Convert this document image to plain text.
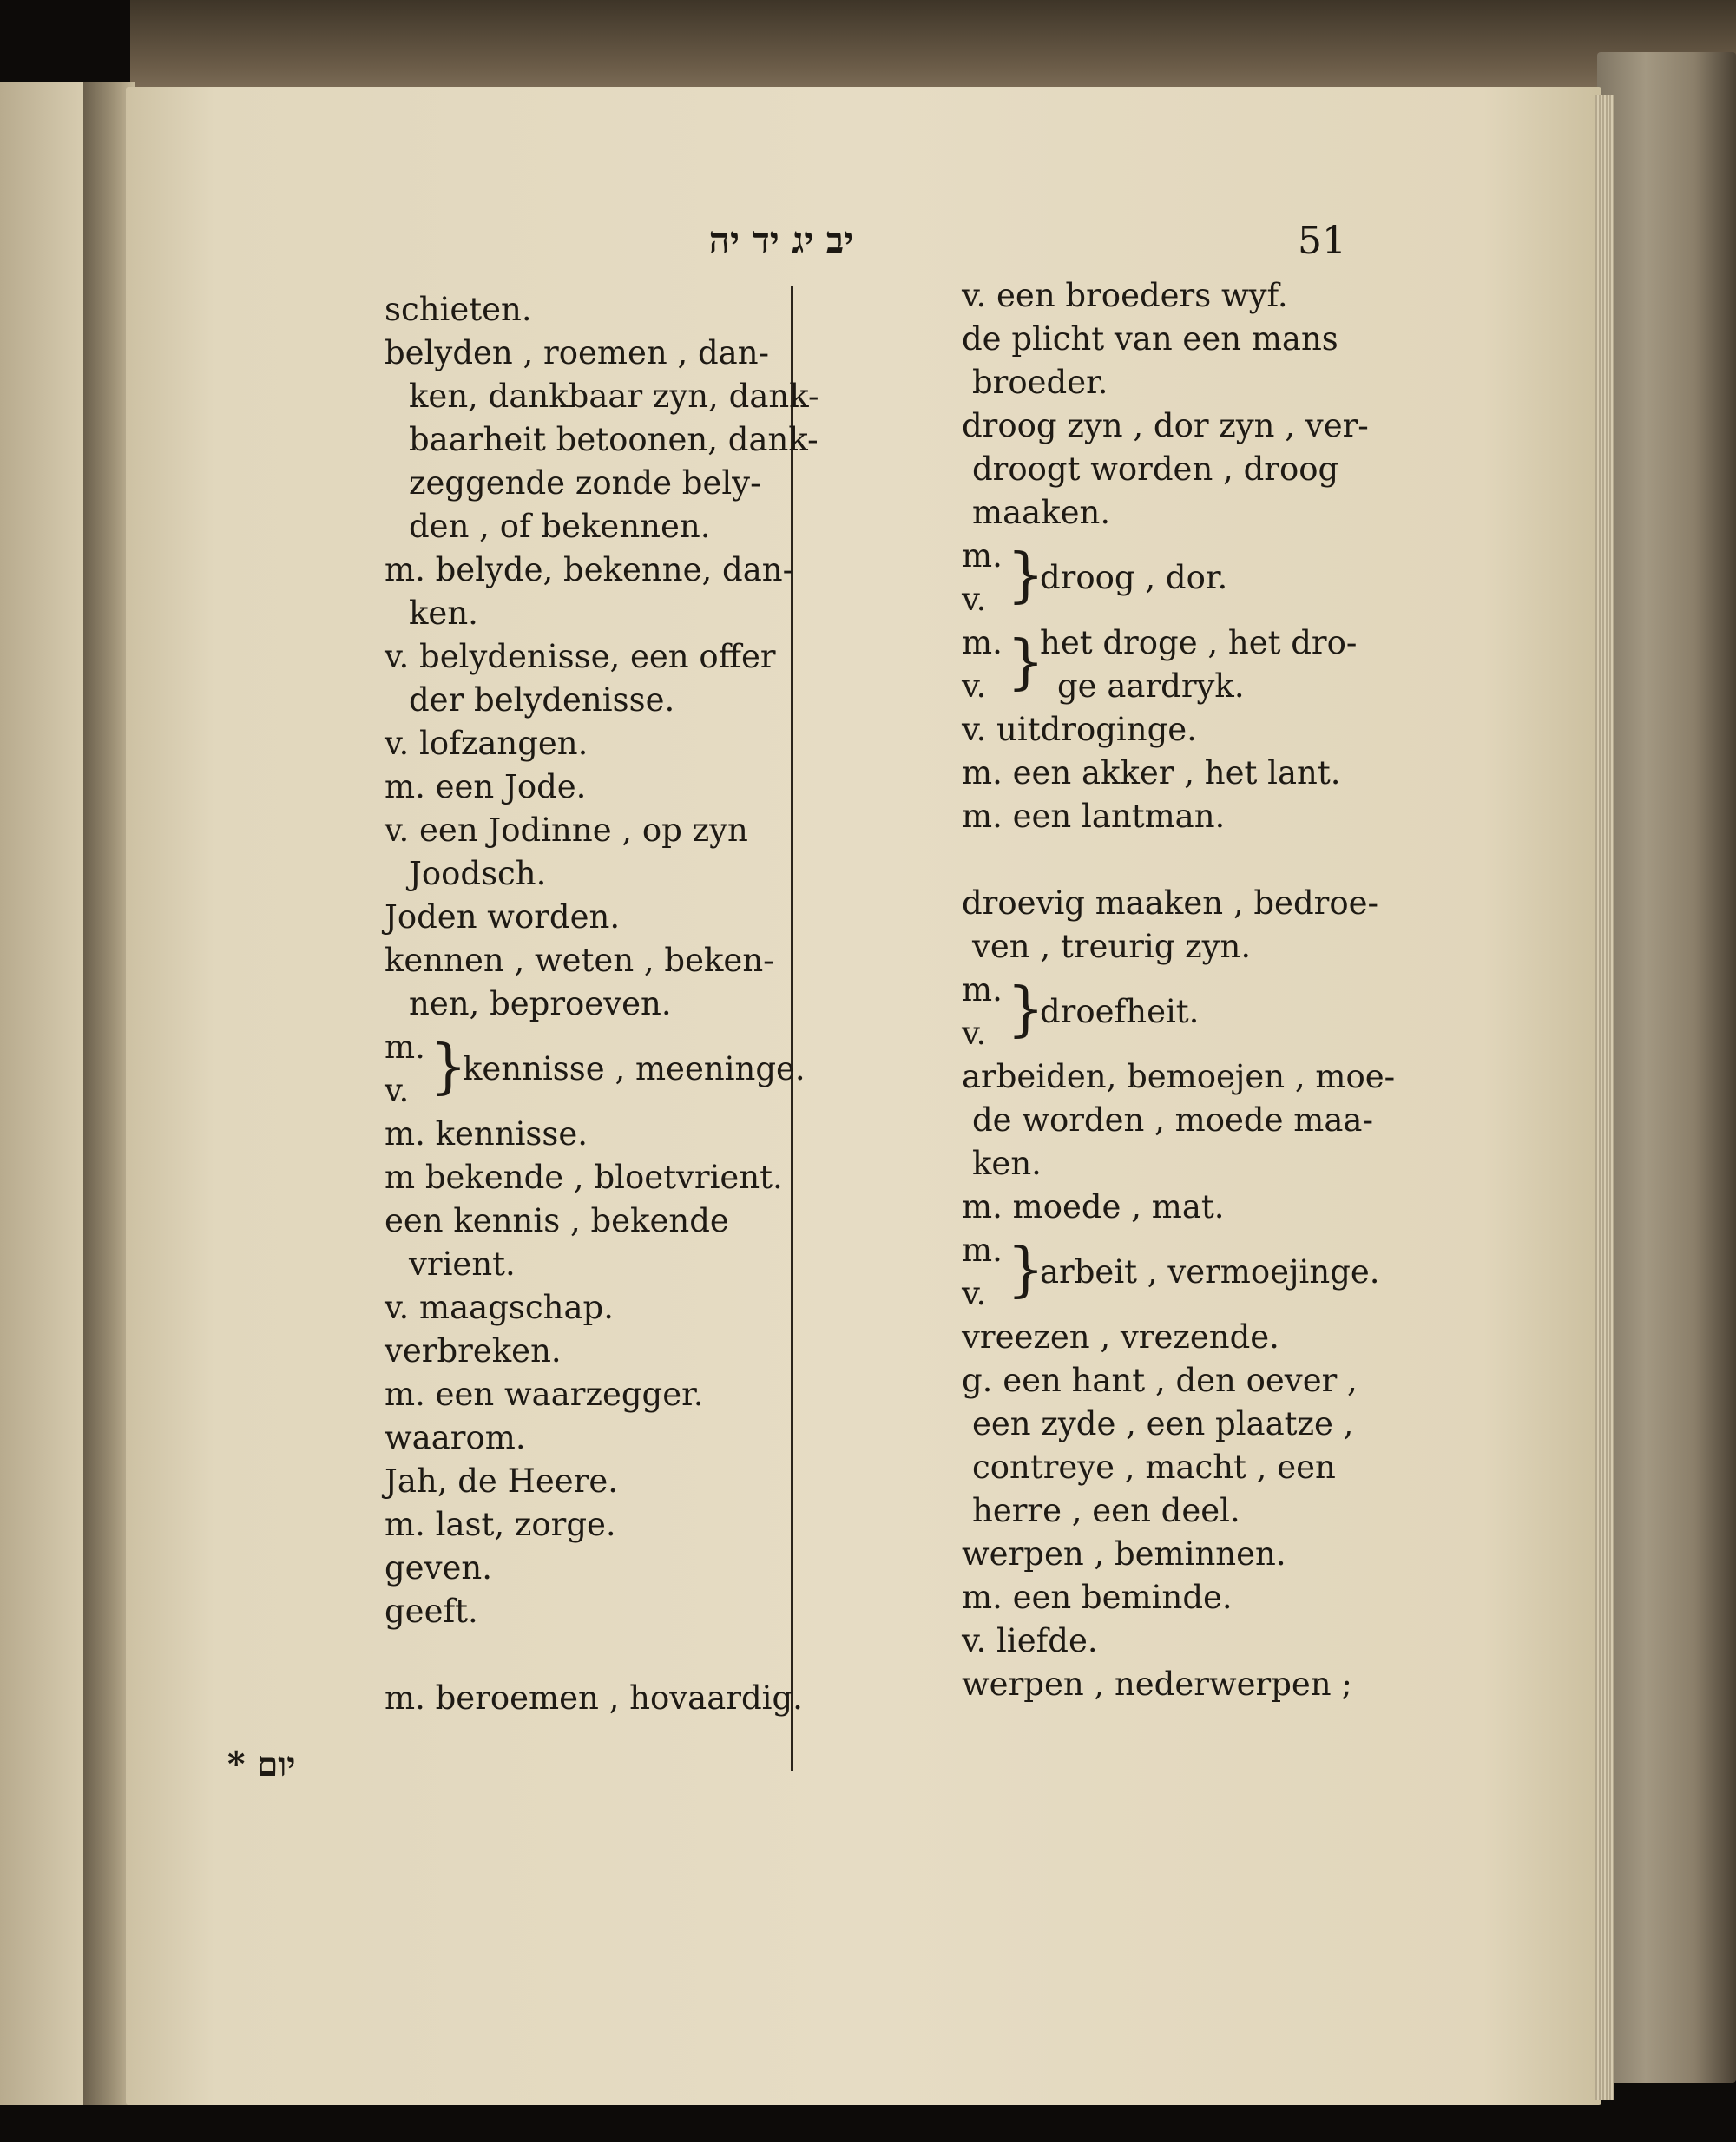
יב יג יד יה	51
schieten.
belyden , roemen , dan-
ken, dankbaar zyn, dank-
baarheit betoonen, dank-
zeggende zonde bely-
den , of bekennen.
m. belyde, bekenne, dan-
ken.
v. belydenisse, een offer
der belydenisse.
v. lofzangen.
m. een Jode.
v. een Jodinne , op zyn
Joodsch.
Joden worden.
kennen , weten , beken-
nen, beproeven.
m.
v. }
kennisse , meeninge.
m. kennisse.
m bekende , bloetvrient.
een kennis , bekende
vrient.
v. maagschap.
verbreken.
m. een waarzegger.
waarom.
Jah, de Heere.
m. last, zorge.
geven.
geeft.
m. beroemen , hovaardig.
v. een broeders wyf.
de plicht van een mans
broeder.
droog zyn , dor zyn , ver-
droogt worden , droog
maaken.
m.
v. }
droog , dor.
m.
v. }
het droge , het dro-
ge aardryk.
v. uitdroginge.
m. een akker , het lant.
m. een lantman.
droevig maaken , bedroe-
ven , treurig zyn.
m.
v. }
droefheit.
arbeiden, bemoejen , moe-
de worden , moede maa-
ken.
m. moede , mat.
m.
v. }
arbeit , vermoejinge.
vreezen , vrezende.
g. een hant , den oever ,
een zyde , een plaatze ,
contreye , macht , een
herre , een deel.
werpen , beminnen.
m. een beminde.
v. liefde.
werpen , nederwerpen ;
יום *
